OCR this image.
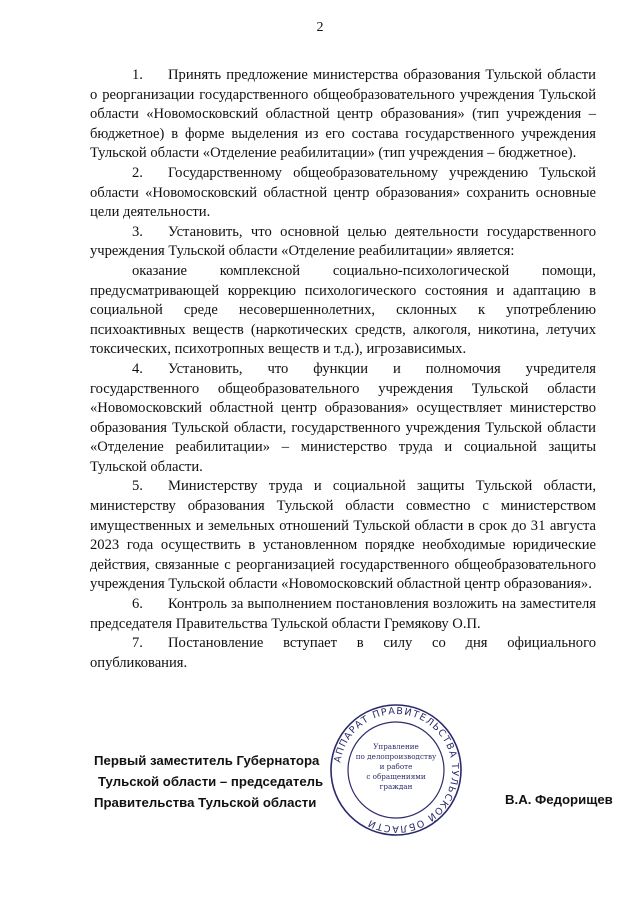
2

1. Принять предложение министерства образования Тульской области о реорганизации государственного общеобразовательного учреждения Тульской области «Новомосковский областной центр образования» (тип учреждения – бюджетное) в форме выделения из его состава государственного учреждения Тульской области «Отделение реабилитации» (тип учреждения – бюджетное).

2. Государственному общеобразовательному учреждению Тульской области «Новомосковский областной центр образования» сохранить основные цели деятельности.

3. Установить, что основной целью деятельности государственного учреждения Тульской области «Отделение реабилитации» является:

оказание комплексной социально-психологической помощи, предусматривающей коррекцию психологического состояния и адаптацию в социальной среде несовершеннолетних, склонных к употреблению психоактивных веществ (наркотических средств, алкоголя, никотина, летучих токсических, психотропных веществ и т.д.), игрозависимых.

4. Установить, что функции и полномочия учредителя государственного общеобразовательного учреждения Тульской области «Новомосковский областной центр образования» осуществляет министерство образования Тульской области, государственного учреждения Тульской области «Отделение реабилитации» – министерство труда и социальной защиты Тульской области.

5. Министерству труда и социальной защиты Тульской области, министерству образования Тульской области совместно с министерством имущественных и земельных отношений Тульской области в срок до 31 августа 2023 года осуществить в установленном порядке необходимые юридические действия, связанные с реорганизацией государственного общеобразовательного учреждения Тульской области «Новомосковский областной центр образования».

6. Контроль за выполнением постановления возложить на заместителя председателя Правительства Тульской области Гремякову О.П.

7. Постановление вступает в силу со дня официального опубликования.

Первый заместитель Губернатора
Тульской области – председатель
Правительства Тульской области
АППАРАТ ПРАВИТЕЛЬСТВА ТУЛЬСКОЙ ОБЛАСТИ
Управление
по делопроизводству
и работе
с обращениями
граждан
В.А. Федорищев
